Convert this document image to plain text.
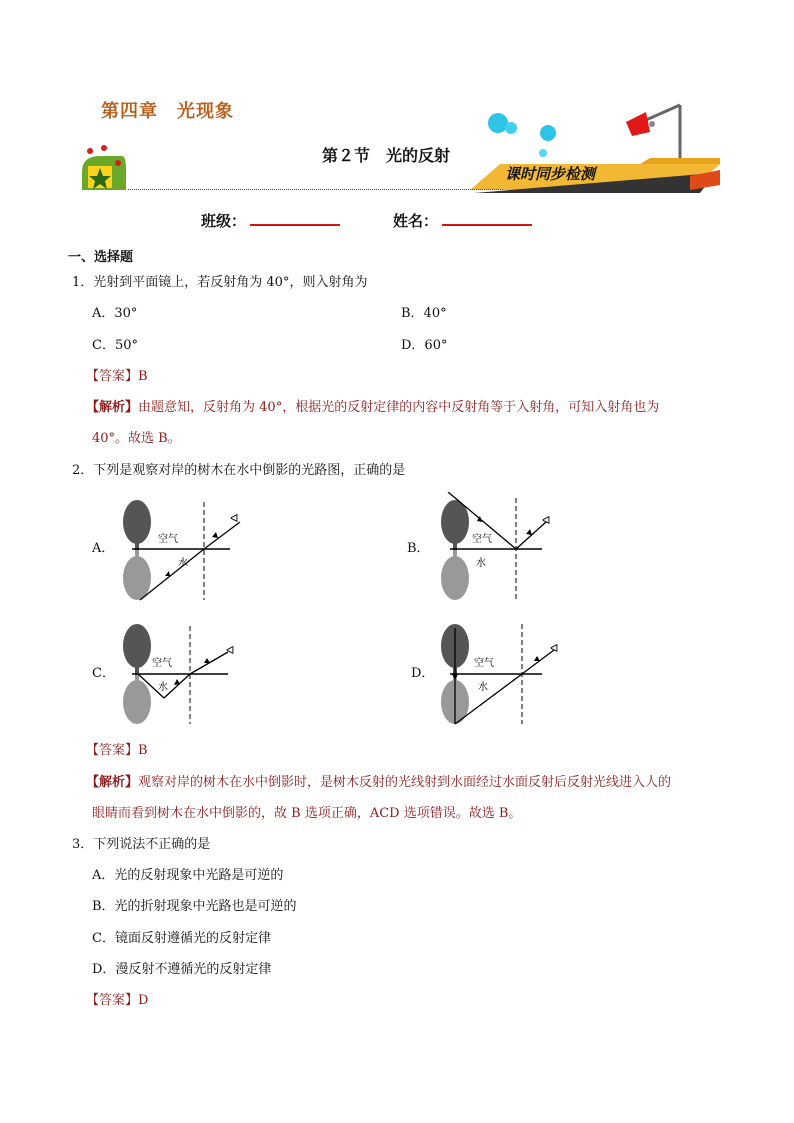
第四章　光现象
第２节　光的反射
课时同步检测
班级：	姓名：
一、选择题
1．光射到平面镜上，若反射角为 40°，则入射角为
A．30°	B．40°
C．50°	D．60°
【答案】B
【解析】由题意知，反射角为 40°，根据光的反射定律的内容中反射角等于入射角，可知入射角也为
40°。故选 B。
2．下列是观察对岸的树木在水中倒影的光路图，正确的是
A．	B．
C．	D．
空气
水
ᐊ
空气
水
ᐊ
空气
水
ᐊ
空气
水
ᐊ
【答案】B
【解析】观察对岸的树木在水中倒影时，是树木反射的光线射到水面经过水面反射后反射光线进入人的
眼睛而看到树木在水中倒影的，故 B 选项正确，ACD 选项错误。故选 B。
3．下列说法不正确的是
A．光的反射现象中光路是可逆的
B．光的折射现象中光路也是可逆的
C．镜面反射遵循光的反射定律
D．漫反射不遵循光的反射定律
【答案】D
